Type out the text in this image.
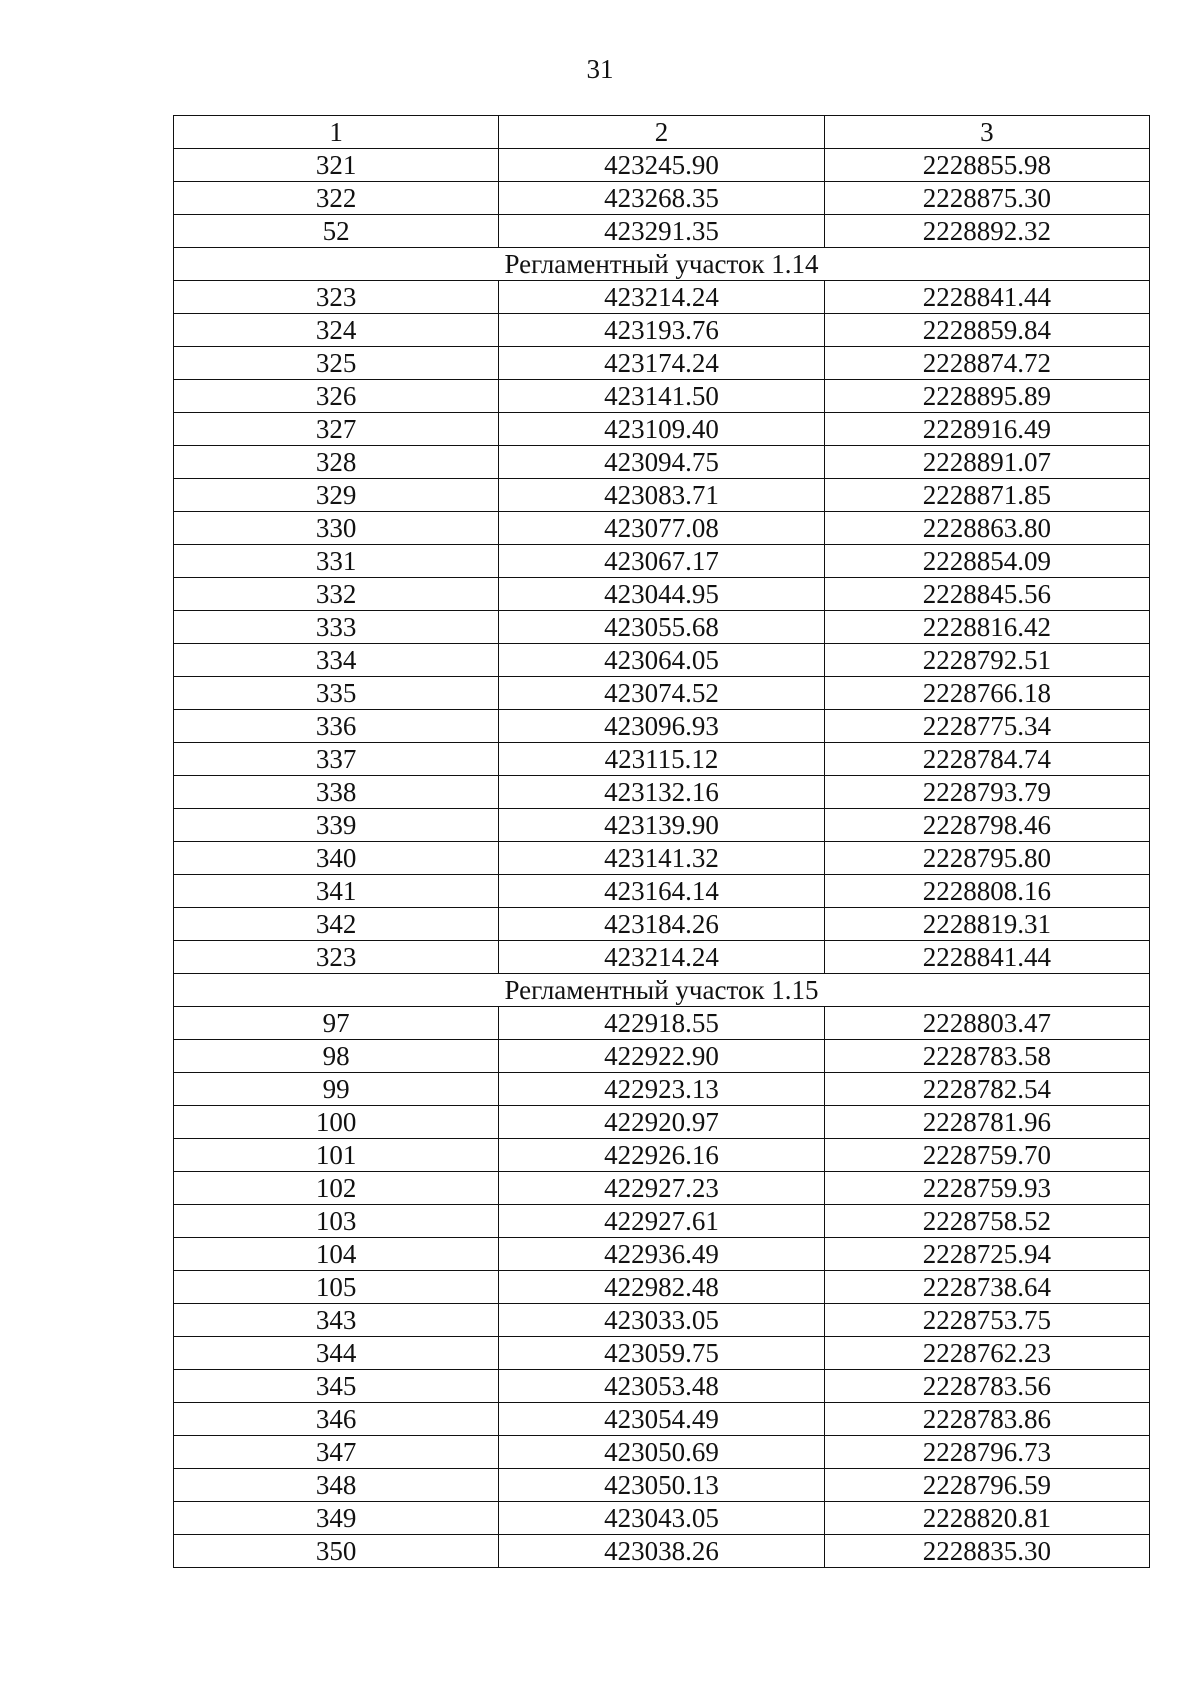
31
1	2	3
321	423245.90	2228855.98
322	423268.35	2228875.30
52	423291.35	2228892.32
Регламентный участок 1.14		
323	423214.24	2228841.44
324	423193.76	2228859.84
325	423174.24	2228874.72
326	423141.50	2228895.89
327	423109.40	2228916.49
328	423094.75	2228891.07
329	423083.71	2228871.85
330	423077.08	2228863.80
331	423067.17	2228854.09
332	423044.95	2228845.56
333	423055.68	2228816.42
334	423064.05	2228792.51
335	423074.52	2228766.18
336	423096.93	2228775.34
337	423115.12	2228784.74
338	423132.16	2228793.79
339	423139.90	2228798.46
340	423141.32	2228795.80
341	423164.14	2228808.16
342	423184.26	2228819.31
323	423214.24	2228841.44
Регламентный участок 1.15		
97	422918.55	2228803.47
98	422922.90	2228783.58
99	422923.13	2228782.54
100	422920.97	2228781.96
101	422926.16	2228759.70
102	422927.23	2228759.93
103	422927.61	2228758.52
104	422936.49	2228725.94
105	422982.48	2228738.64
343	423033.05	2228753.75
344	423059.75	2228762.23
345	423053.48	2228783.56
346	423054.49	2228783.86
347	423050.69	2228796.73
348	423050.13	2228796.59
349	423043.05	2228820.81
350	423038.26	2228835.30
